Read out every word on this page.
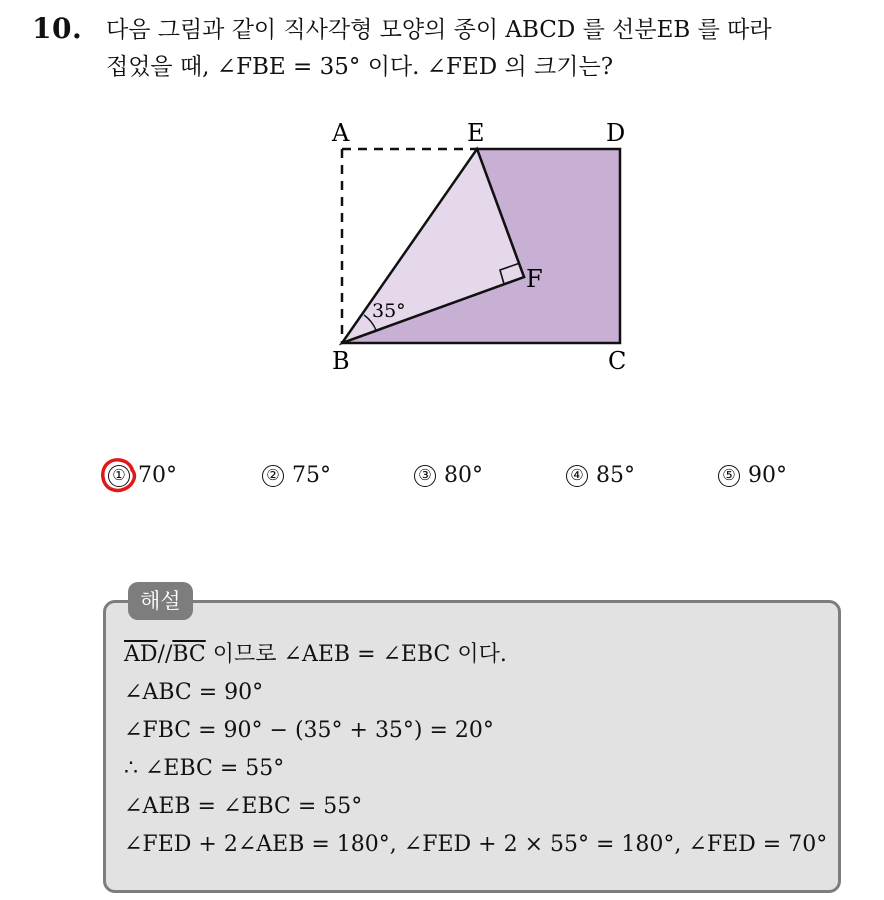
10. 다음 그림과 같이 직사각형 모양의 종이 ABCD 를 선분EB 를 따라
접었을 때, ∠FBE = 35° 이다. ∠FED 의 크기는?
A	E	D
F
B	C
35°
① 70°	② 75°	③ 80°	④ 85°	⑤ 90°
해설
$\overline{AD}//\overline{BC}$ 이므로 ∠AEB = ∠EBC 이다.
∠ABC = 90°
∠FBC = 90° − (35° + 35°) = 20°
∴ ∠EBC = 55°
∠AEB = ∠EBC = 55°
∠FED + 2∠AEB = 180°, ∠FED + 2 × 55° = 180°, ∠FED = 70°
